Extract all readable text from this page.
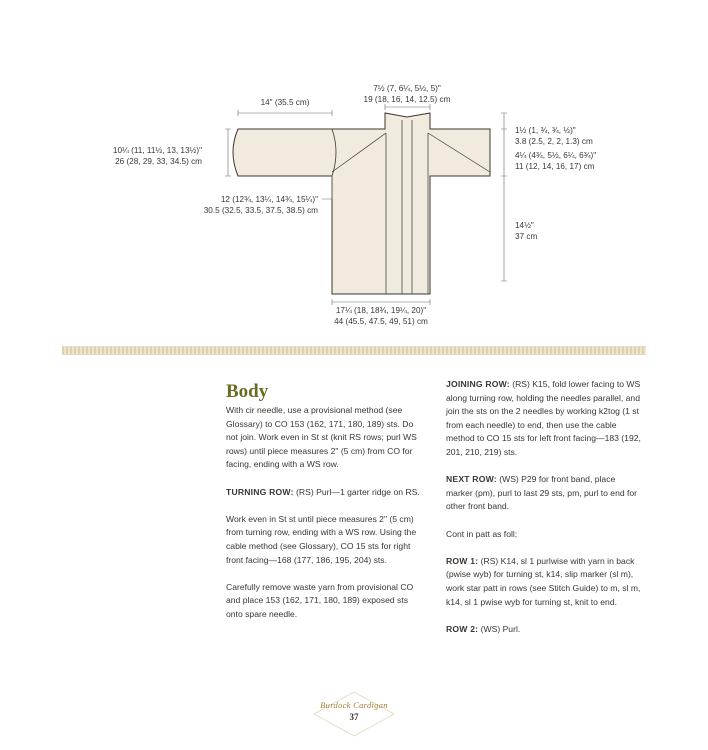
14" (35.5 cm)
7½ (7, 6¼, 5½, 5)"
19 (18, 16, 14, 12.5) cm
10¼ (11, 11½, 13, 13½)"
26 (28, 29, 33, 34.5) cm
12 (12¾, 13¼, 14¾, 15¼)"
30.5 (32.5, 33.5, 37.5, 38.5) cm
1½ (1, ¾, ¾, ½)"
3.8 (2.5, 2, 2, 1.3) cm
4¼ (4¾, 5½, 6¼, 6¾)"
11 (12, 14, 16, 17) cm
14½"
37 cm
17¼ (18, 18¾, 19¼, 20)"
44 (45.5, 47.5, 49, 51) cm
Body

With cir needle, use a provisional method (see Glossary) to CO 153 (162, 171, 180, 189) sts. Do not join. Work even in St st (knit RS rows; purl WS rows) until piece measures 2" (5 cm) from CO for facing, ending with a WS row.

TURNING ROW: (RS) Purl—1 garter ridge on RS.

Work even in St st until piece measures 2" (5 cm) from turning row, ending with a WS row. Using the cable method (see Glossary), CO 15 sts for right front facing—168 (177, 186, 195, 204) sts.

Carefully remove waste yarn from provisional CO and place 153 (162, 171, 180, 189) exposed sts onto spare needle.

JOINING ROW: (RS) K15, fold lower facing to WS along turning row, holding the needles parallel, and join the sts on the 2 needles by working k2tog (1 st from each needle) to end, then use the cable method to CO 15 sts for left front facing—183 (192, 201, 210, 219) sts.

NEXT ROW: (WS) P29 for front band, place marker (pm), purl to last 29 sts, pm, purl to end for other front band.

Cont in patt as foll:

ROW 1: (RS) K14, sl 1 purlwise with yarn in back (pwise wyb) for turning st, k14, slip marker (sl m), work star patt in rows (see Stitch Guide) to m, sl m, k14, sl 1 pwise wyb for turning st, knit to end.

ROW 2: (WS) Purl.

Burdock Cardigan
37
